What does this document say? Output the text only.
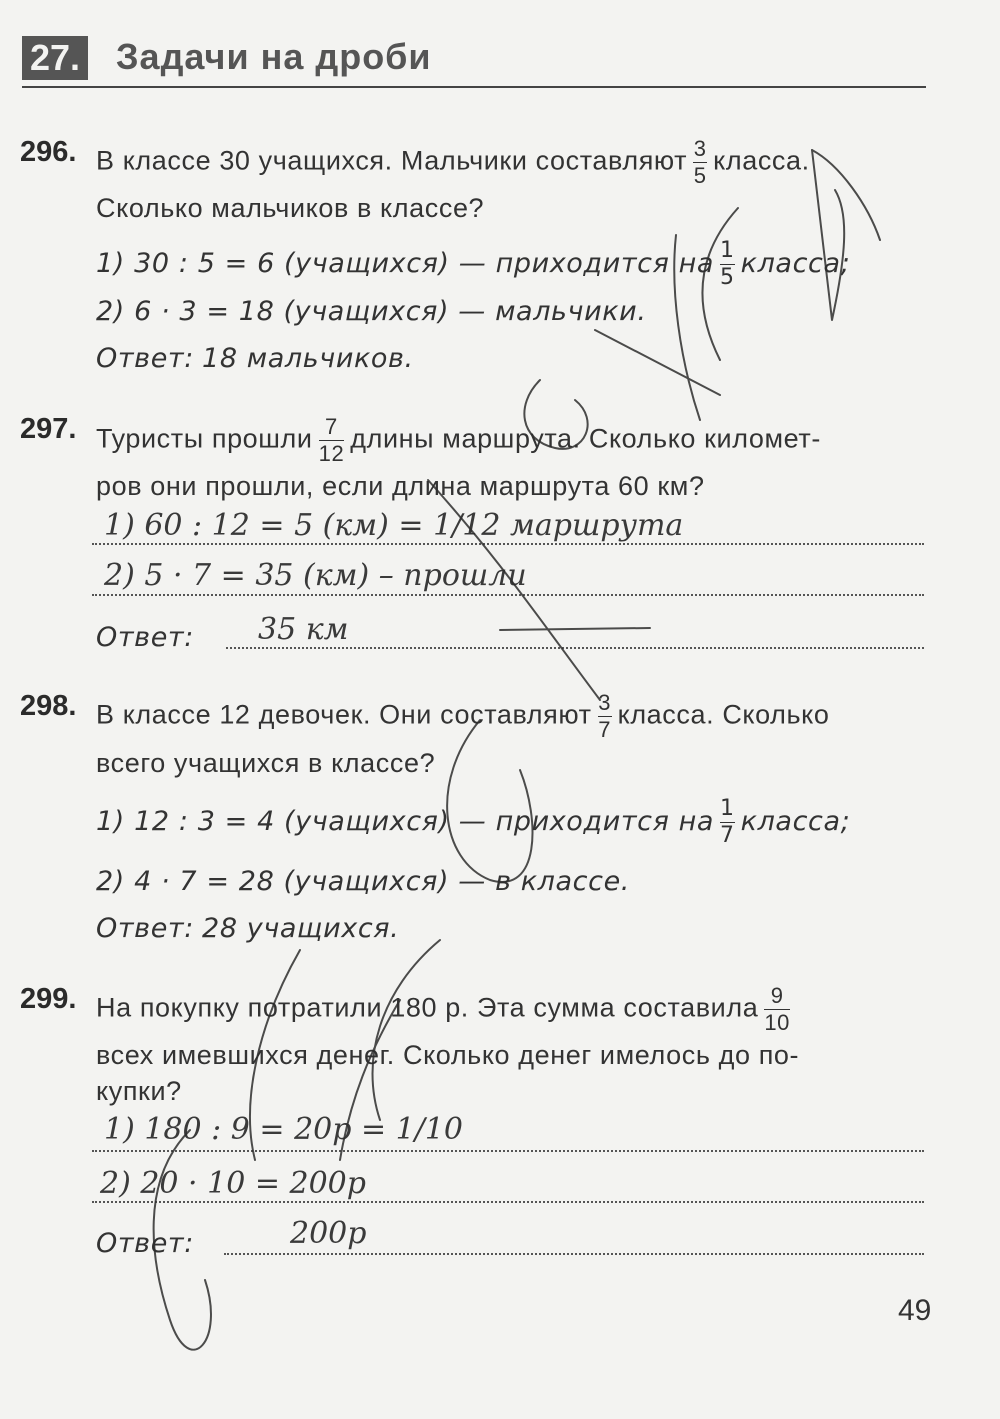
27. Задачи на дроби
296. В классе 30 учащихся. Мальчики составляют $\frac{3}{5}$ класса.
Сколько мальчиков в классе?
1) 30 : 5 = 6 (учащихся) — приходится на $\frac{1}{5}$ класса;
2) 6 · 3 = 18 (учащихся) — мальчики.
Ответ: 18 мальчиков.
297. Туристы прошли $\frac{7}{12}$ длины маршрута. Сколько километ-
ров они прошли, если длина маршрута 60 км?
1) 60 : 12 = 5 (км) = 1/12 маршрута
2) 5 · 7 = 35 (км) – прошли
Ответ: 35 км
298. В классе 12 девочек. Они составляют $\frac{3}{7}$ класса. Сколько
всего учащихся в классе?
1) 12 : 3 = 4 (учащихся) — приходится на $\frac{1}{7}$ класса;
2) 4 · 7 = 28 (учащихся) — в классе.
Ответ: 28 учащихся.
299. На покупку потратили 180 р. Эта сумма составила $\frac{9}{10}$
всех имевшихся денег. Сколько денег имелось до по-
купки?
1) 180 : 9 = 20р = 1/10
2) 20 · 10 = 200р
Ответ:	200р
49
